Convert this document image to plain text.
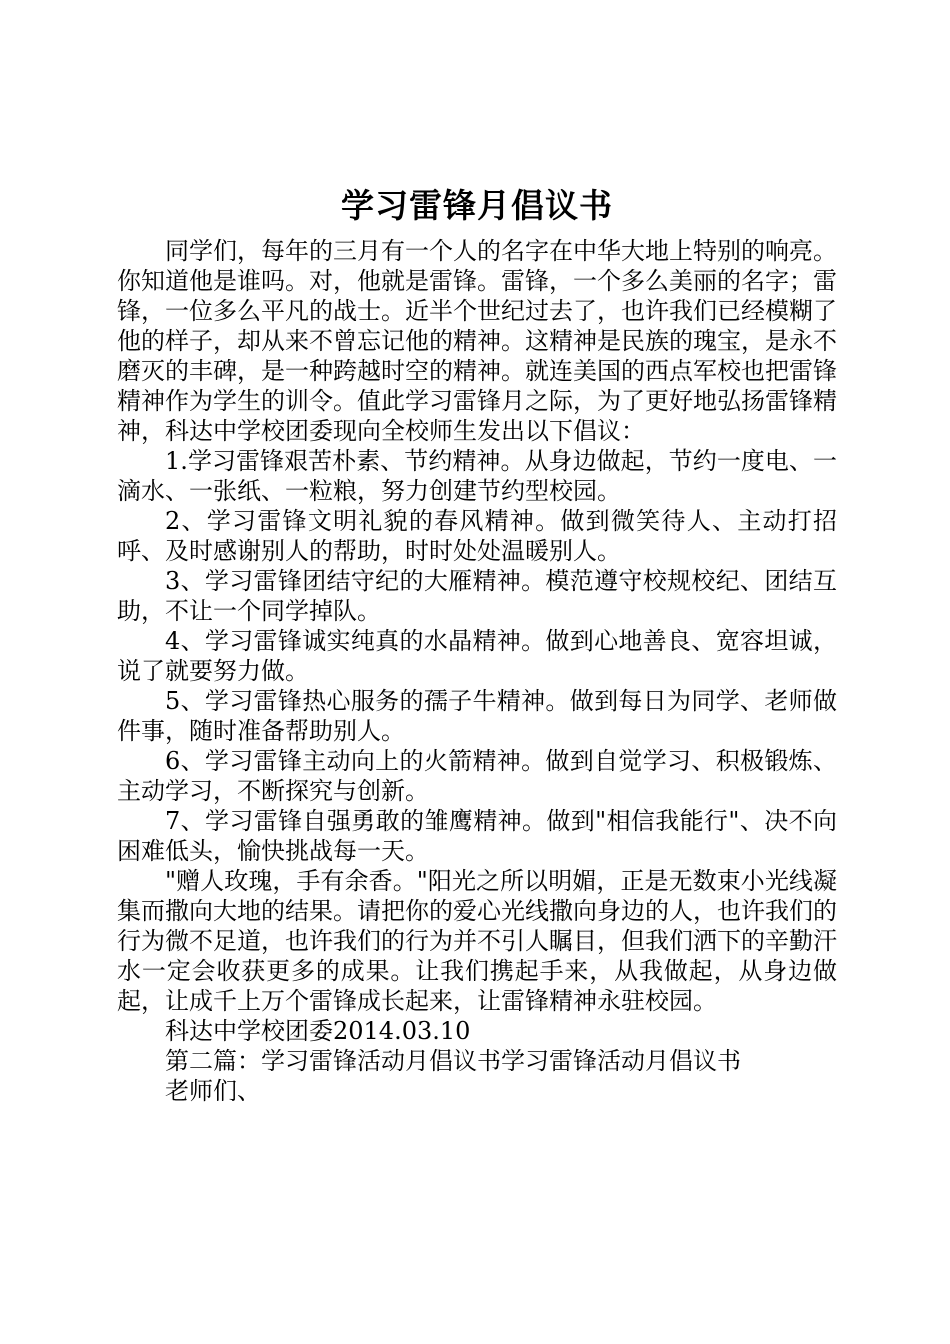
学习雷锋月倡议书

同学们，每年的三月有一个人的名字在中华大地上特别的响亮。你知道他是谁吗。对，他就是雷锋。雷锋，一个多么美丽的名字；雷锋，一位多么平凡的战士。近半个世纪过去了，也许我们已经模糊了他的样子，却从来不曾忘记他的精神。这精神是民族的瑰宝，是永不磨灭的丰碑，是一种跨越时空的精神。就连美国的西点军校也把雷锋精神作为学生的训令。值此学习雷锋月之际，为了更好地弘扬雷锋精神，科达中学校团委现向全校师生发出以下倡议：

1.学习雷锋艰苦朴素、节约精神。从身边做起，节约一度电、一滴水、一张纸、一粒粮，努力创建节约型校园。

2、学习雷锋文明礼貌的春风精神。做到微笑待人、主动打招呼、及时感谢别人的帮助，时时处处温暖别人。

3、学习雷锋团结守纪的大雁精神。模范遵守校规校纪、团结互助，不让一个同学掉队。

4、学习雷锋诚实纯真的水晶精神。做到心地善良、宽容坦诚，说了就要努力做。

5、学习雷锋热心服务的孺子牛精神。做到每日为同学、老师做件事，随时准备帮助别人。

6、学习雷锋主动向上的火箭精神。做到自觉学习、积极锻炼、主动学习，不断探究与创新。

7、学习雷锋自强勇敢的雏鹰精神。做到"相信我能行"、决不向困难低头，愉快挑战每一天。

"赠人玫瑰，手有余香。"阳光之所以明媚，正是无数束小光线凝集而撒向大地的结果。请把你的爱心光线撒向身边的人，也许我们的行为微不足道，也许我们的行为并不引人瞩目，但我们洒下的辛勤汗水一定会收获更多的成果。让我们携起手来，从我做起，从身边做起，让成千上万个雷锋成长起来，让雷锋精神永驻校园。

科达中学校团委2014.03.10

第二篇：学习雷锋活动月倡议书学习雷锋活动月倡议书

老师们、
